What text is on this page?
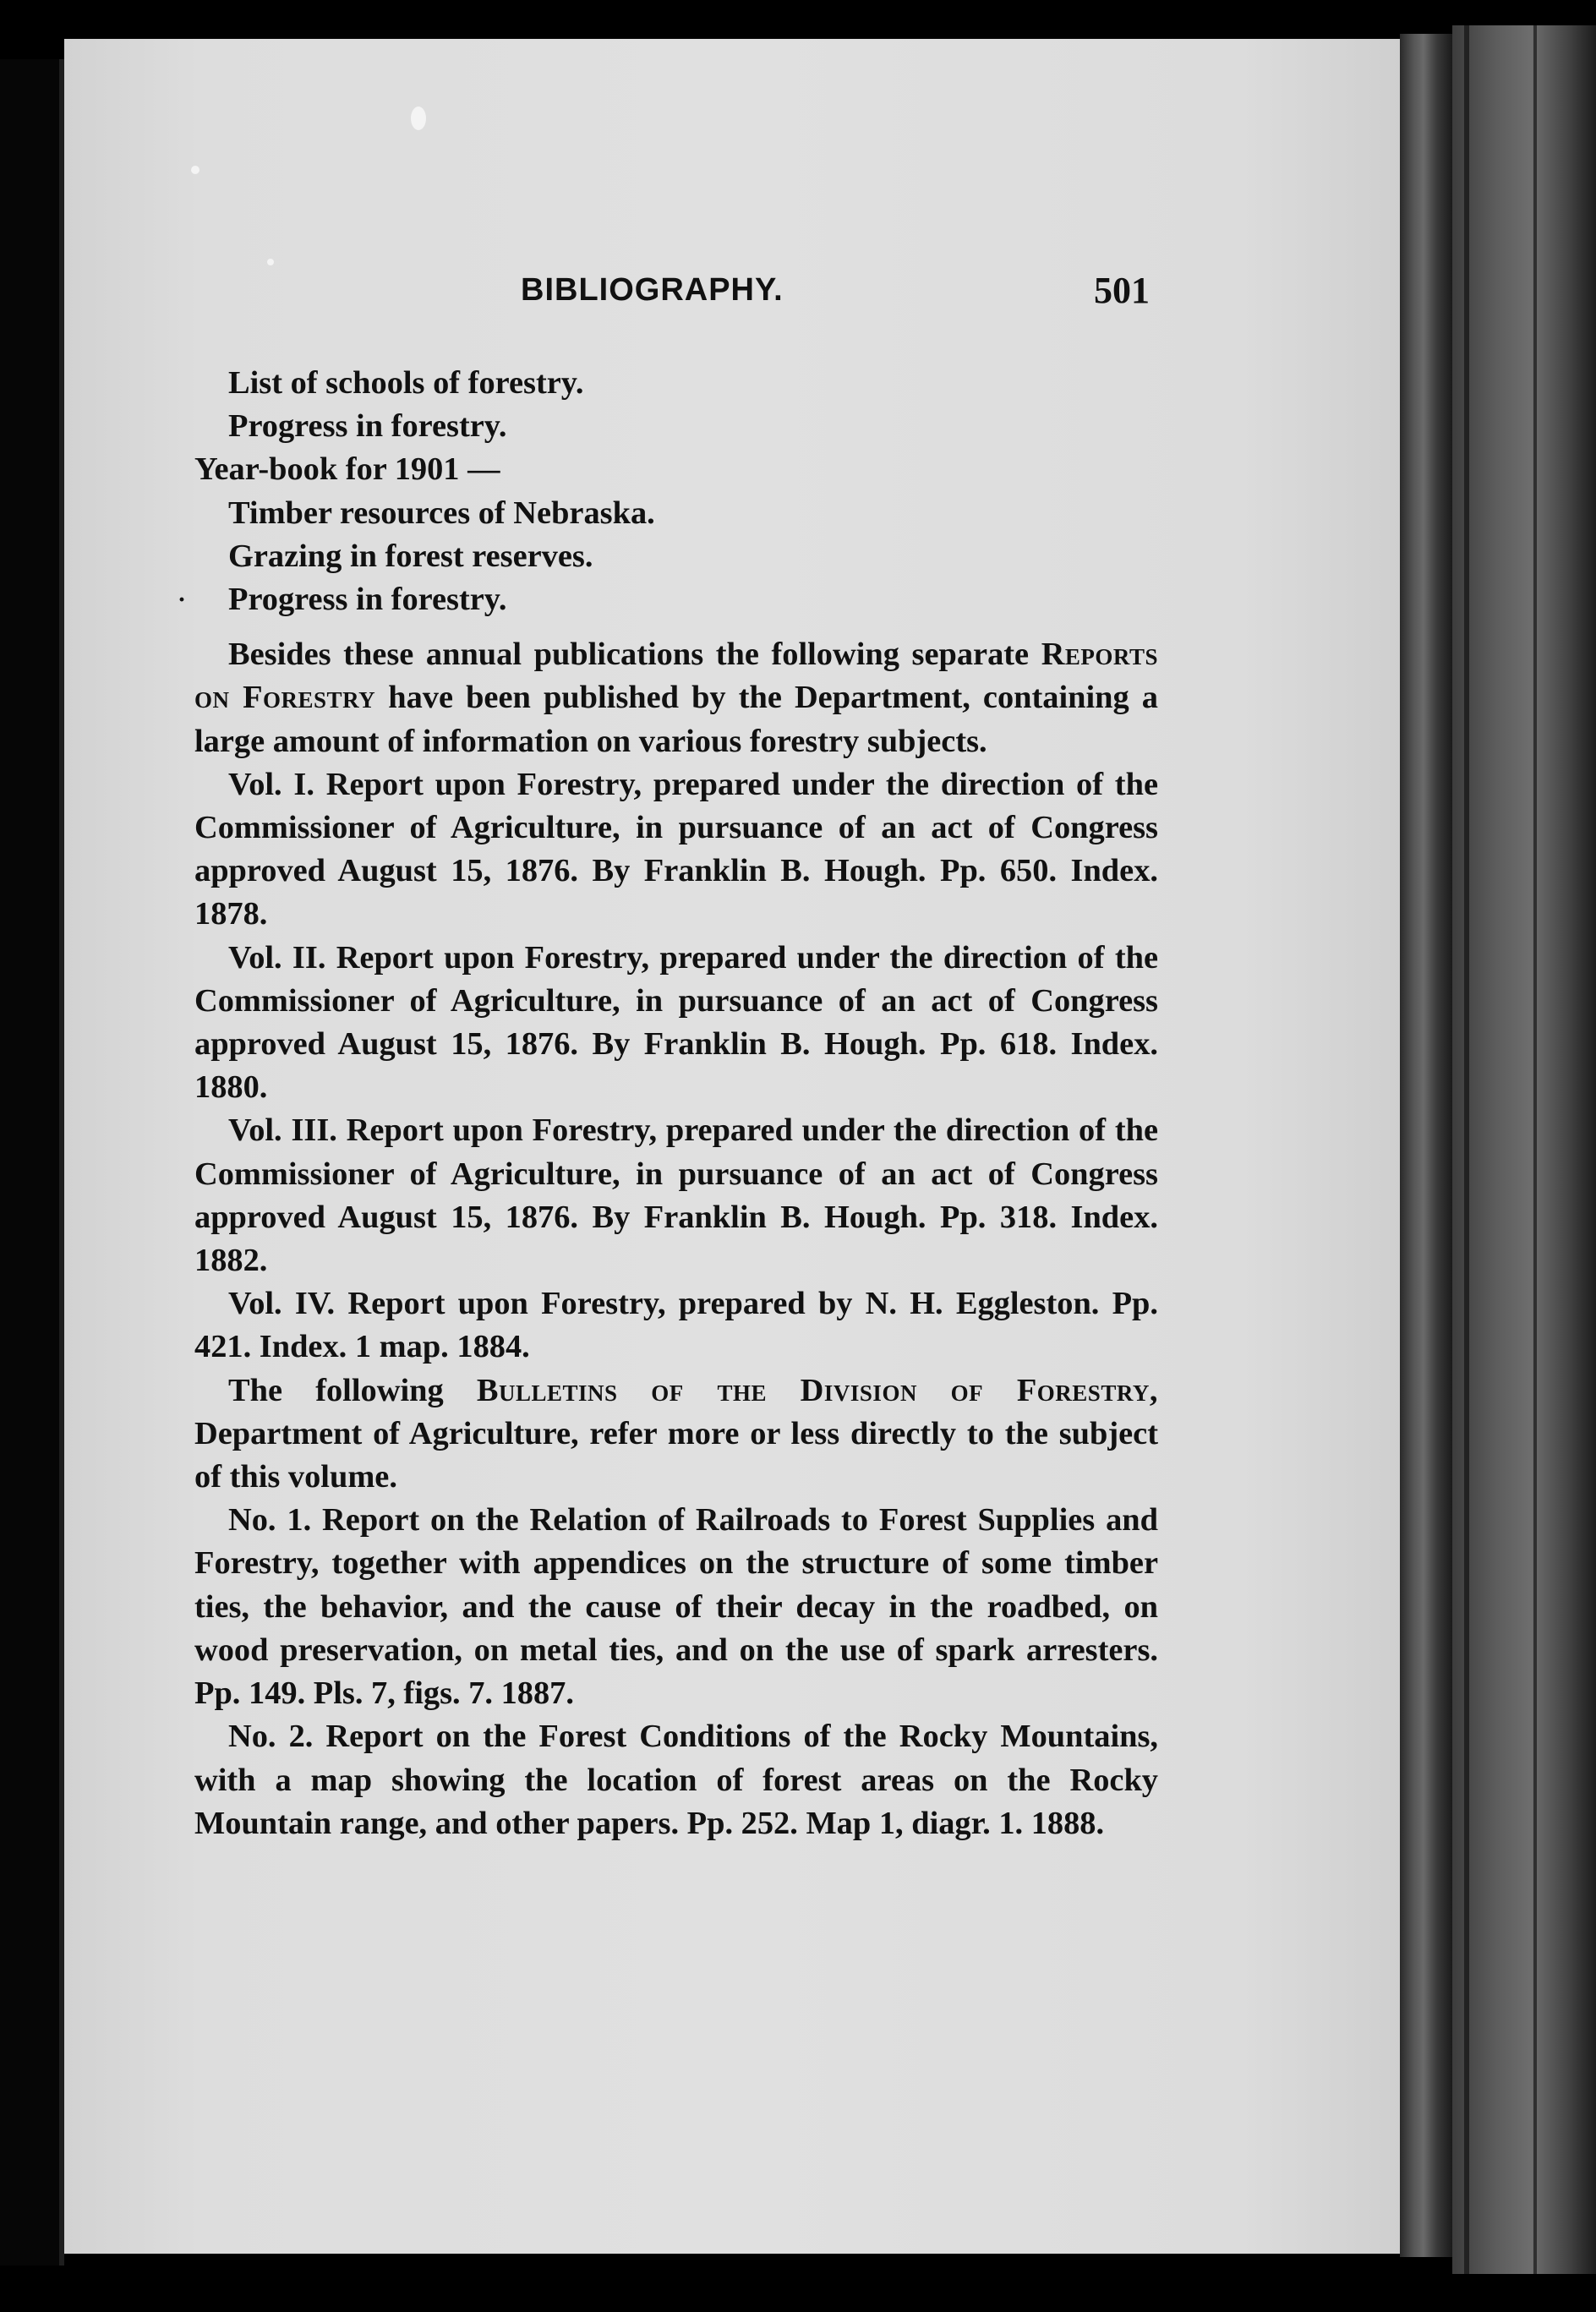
BIBLIOGRAPHY.	501

List of schools of forestry.

Progress in forestry.

Year-book for 1901 —

Timber resources of Nebraska.

Grazing in forest reserves.

· Progress in forestry.

Besides these annual publications the following separate Reports on Forestry have been published by the Department, containing a large amount of information on various forestry subjects.

Vol. I. Report upon Forestry, prepared under the direction of the Commissioner of Agriculture, in pursuance of an act of Congress approved August 15, 1876. By Franklin B. Hough. Pp. 650. Index. 1878.

Vol. II. Report upon Forestry, prepared under the direction of the Commissioner of Agriculture, in pursuance of an act of Congress approved August 15, 1876. By Franklin B. Hough. Pp. 618. Index. 1880.

Vol. III. Report upon Forestry, prepared under the direction of the Commissioner of Agriculture, in pursuance of an act of Congress approved August 15, 1876. By Franklin B. Hough. Pp. 318. Index. 1882.

Vol. IV. Report upon Forestry, prepared by N. H. Eggleston. Pp. 421. Index. 1 map. 1884.

The following Bulletins of the Division of Forestry, Department of Agriculture, refer more or less directly to the subject of this volume.

No. 1. Report on the Relation of Railroads to Forest Supplies and Forestry, together with appendices on the structure of some timber ties, the behavior, and the cause of their decay in the roadbed, on wood preservation, on metal ties, and on the use of spark arresters. Pp. 149. Pls. 7, figs. 7. 1887.

No. 2. Report on the Forest Conditions of the Rocky Mountains, with a map showing the location of forest areas on the Rocky Mountain range, and other papers. Pp. 252. Map 1, diagr. 1. 1888.
